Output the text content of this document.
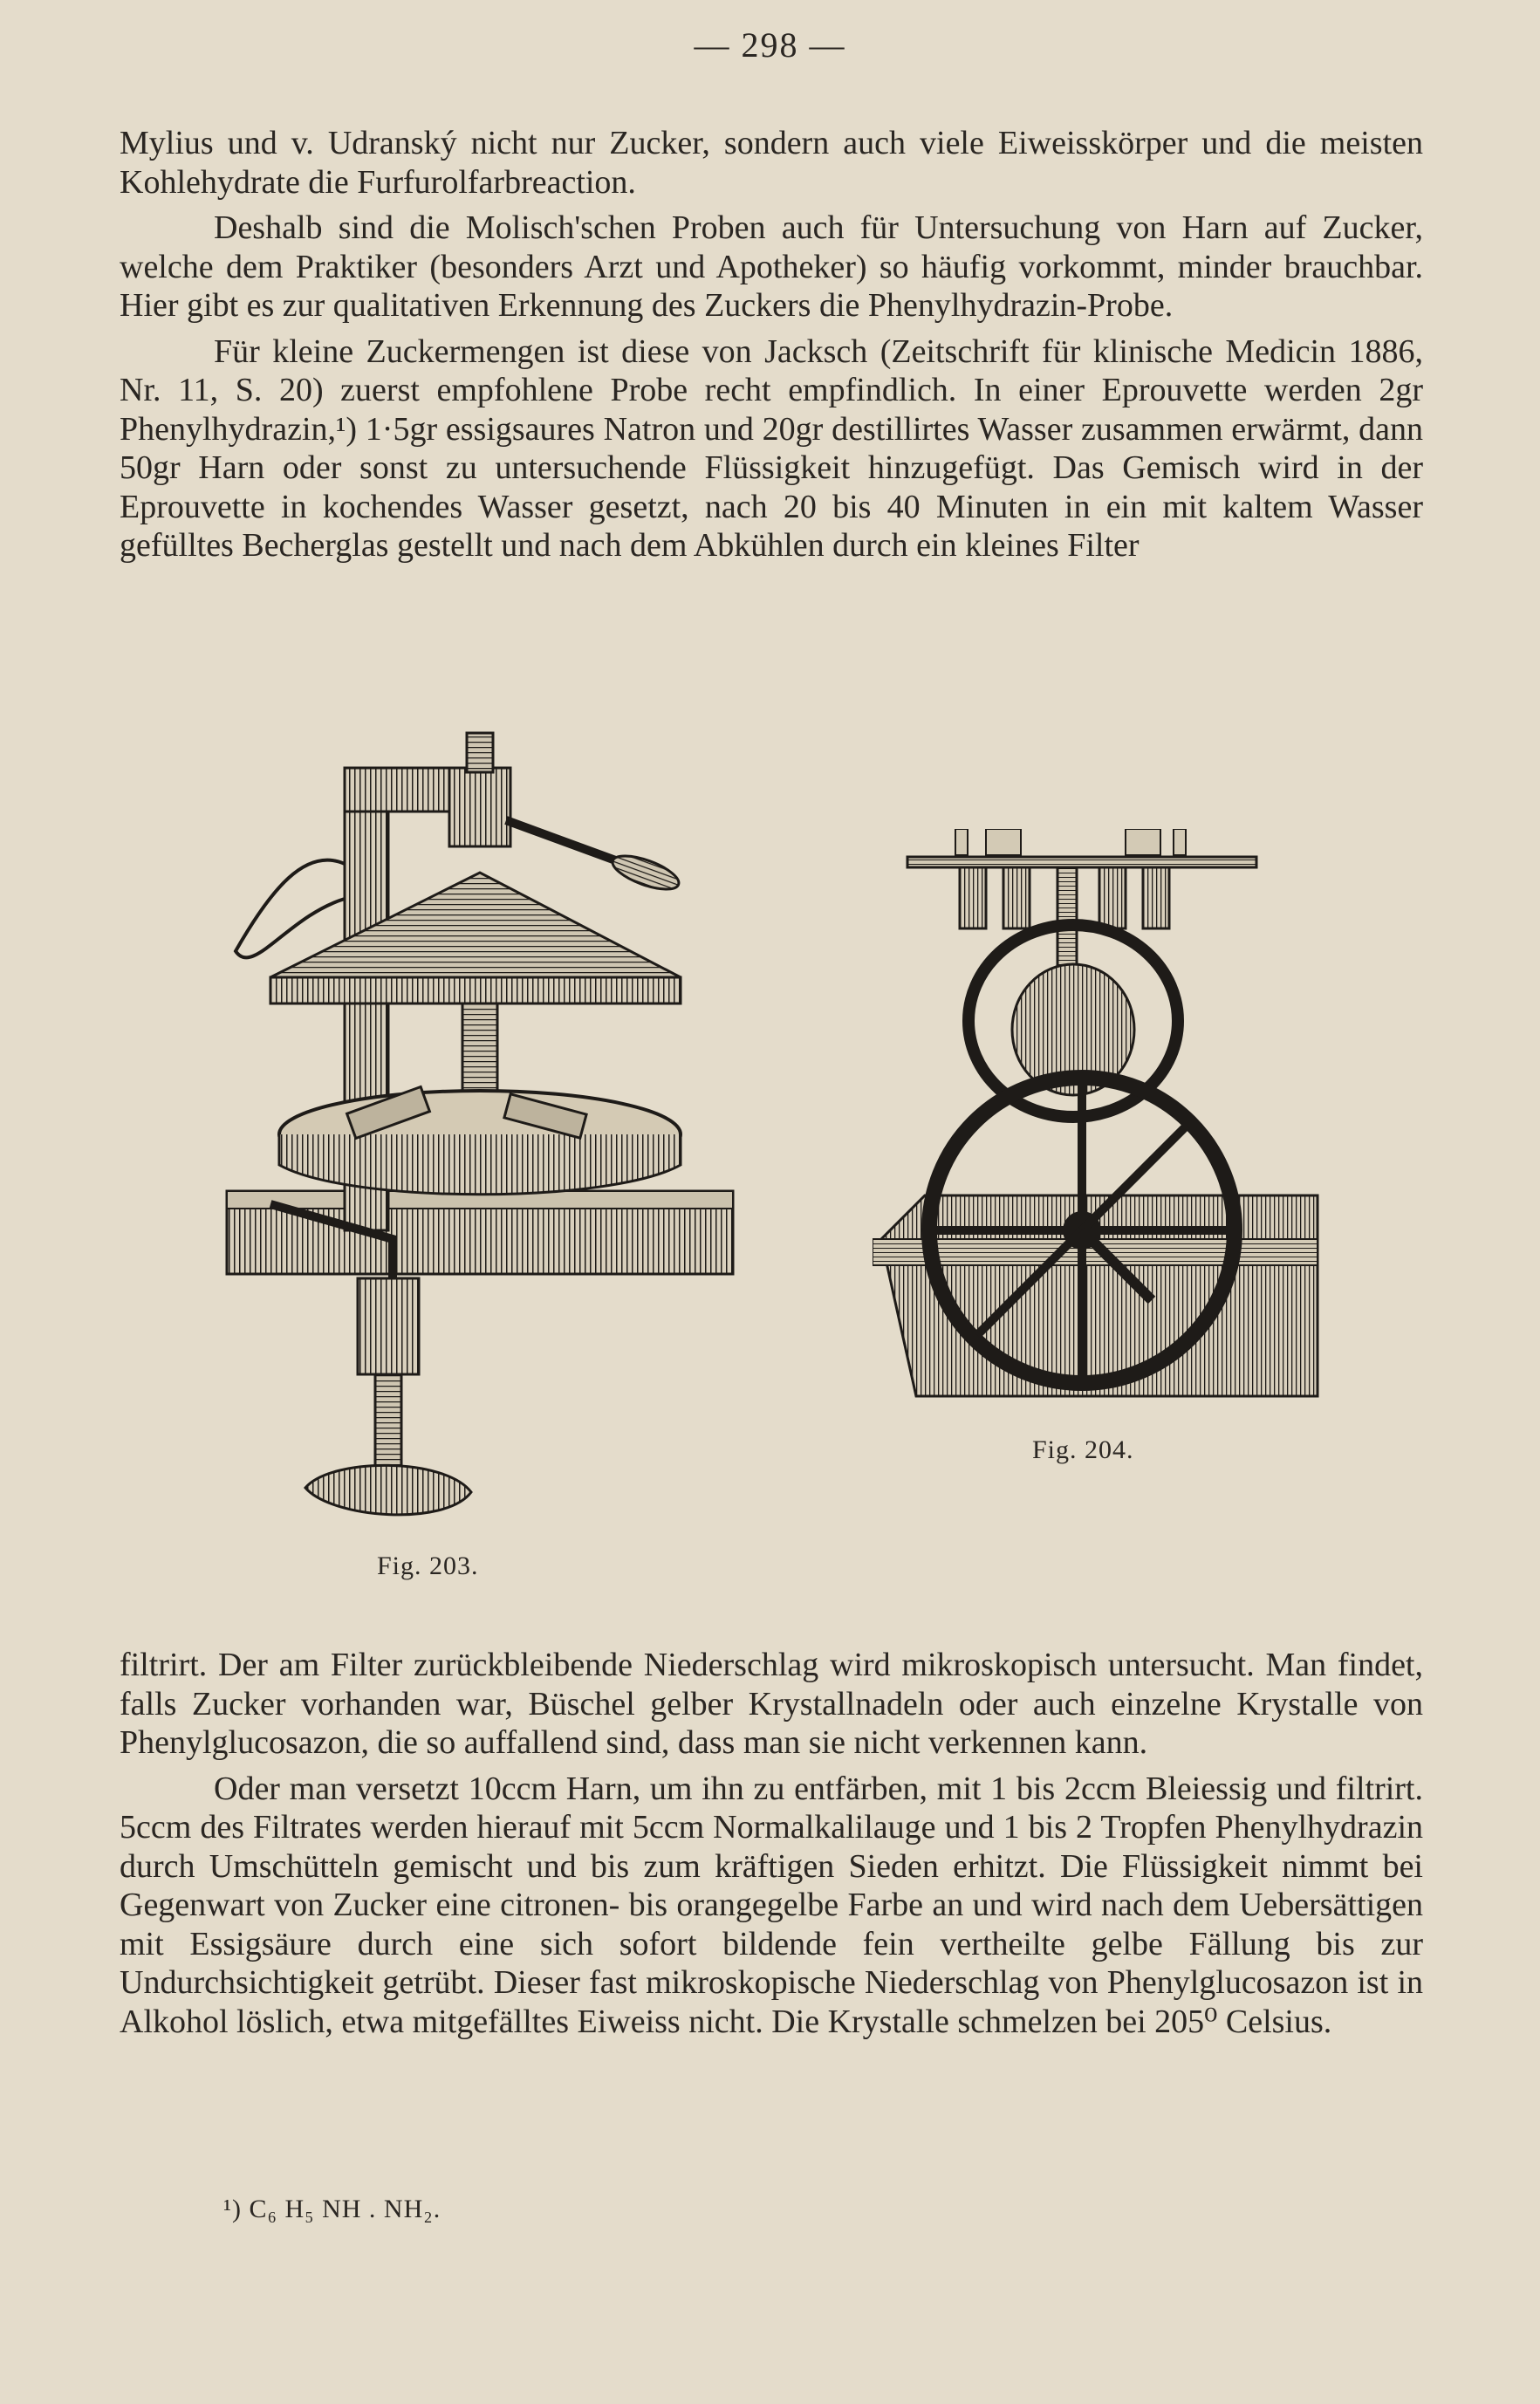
— 298 —

Mylius und v. Udranský nicht nur Zucker, sondern auch viele Eiweisskörper und die meisten Kohlehydrate die Furfurolfarbreaction.

Deshalb sind die Molisch'schen Proben auch für Untersuchung von Harn auf Zucker, welche dem Praktiker (besonders Arzt und Apotheker) so häufig vorkommt, minder brauchbar. Hier gibt es zur qualitativen Erkennung des Zuckers die Phenylhydrazin-Probe.

Für kleine Zuckermengen ist diese von Jacksch (Zeitschrift für klinische Medicin 1886, Nr. 11, S. 20) zuerst empfohlene Probe recht empfindlich. In einer Eprouvette werden 2gr Phenylhydrazin,¹) 1·5gr essigsaures Natron und 20gr destillirtes Wasser zusammen erwärmt, dann 50gr Harn oder sonst zu untersuchende Flüssigkeit hinzugefügt. Das Gemisch wird in der Eprouvette in kochendes Wasser gesetzt, nach 20 bis 40 Minuten in ein mit kaltem Wasser gefülltes Becherglas gestellt und nach dem Abkühlen durch ein kleines Filter

Fig. 203.
Fig. 204.

filtrirt. Der am Filter zurückbleibende Niederschlag wird mikroskopisch untersucht. Man findet, falls Zucker vorhanden war, Büschel gelber Krystallnadeln oder auch einzelne Krystalle von Phenylglucosazon, die so auffallend sind, dass man sie nicht verkennen kann.

Oder man versetzt 10ccm Harn, um ihn zu entfärben, mit 1 bis 2ccm Bleiessig und filtrirt. 5ccm des Filtrates werden hierauf mit 5ccm Normalkalilauge und 1 bis 2 Tropfen Phenylhydrazin durch Umschütteln gemischt und bis zum kräftigen Sieden erhitzt. Die Flüssigkeit nimmt bei Gegenwart von Zucker eine citronen- bis orangegelbe Farbe an und wird nach dem Uebersättigen mit Essigsäure durch eine sich sofort bildende fein vertheilte gelbe Fällung bis zur Undurchsichtigkeit getrübt. Dieser fast mikroskopische Niederschlag von Phenylglucosazon ist in Alkohol löslich, etwa mitgefälltes Eiweiss nicht. Die Krystalle schmelzen bei 205⁰ Celsius.

¹) C₆ H₅ NH . NH₂.
